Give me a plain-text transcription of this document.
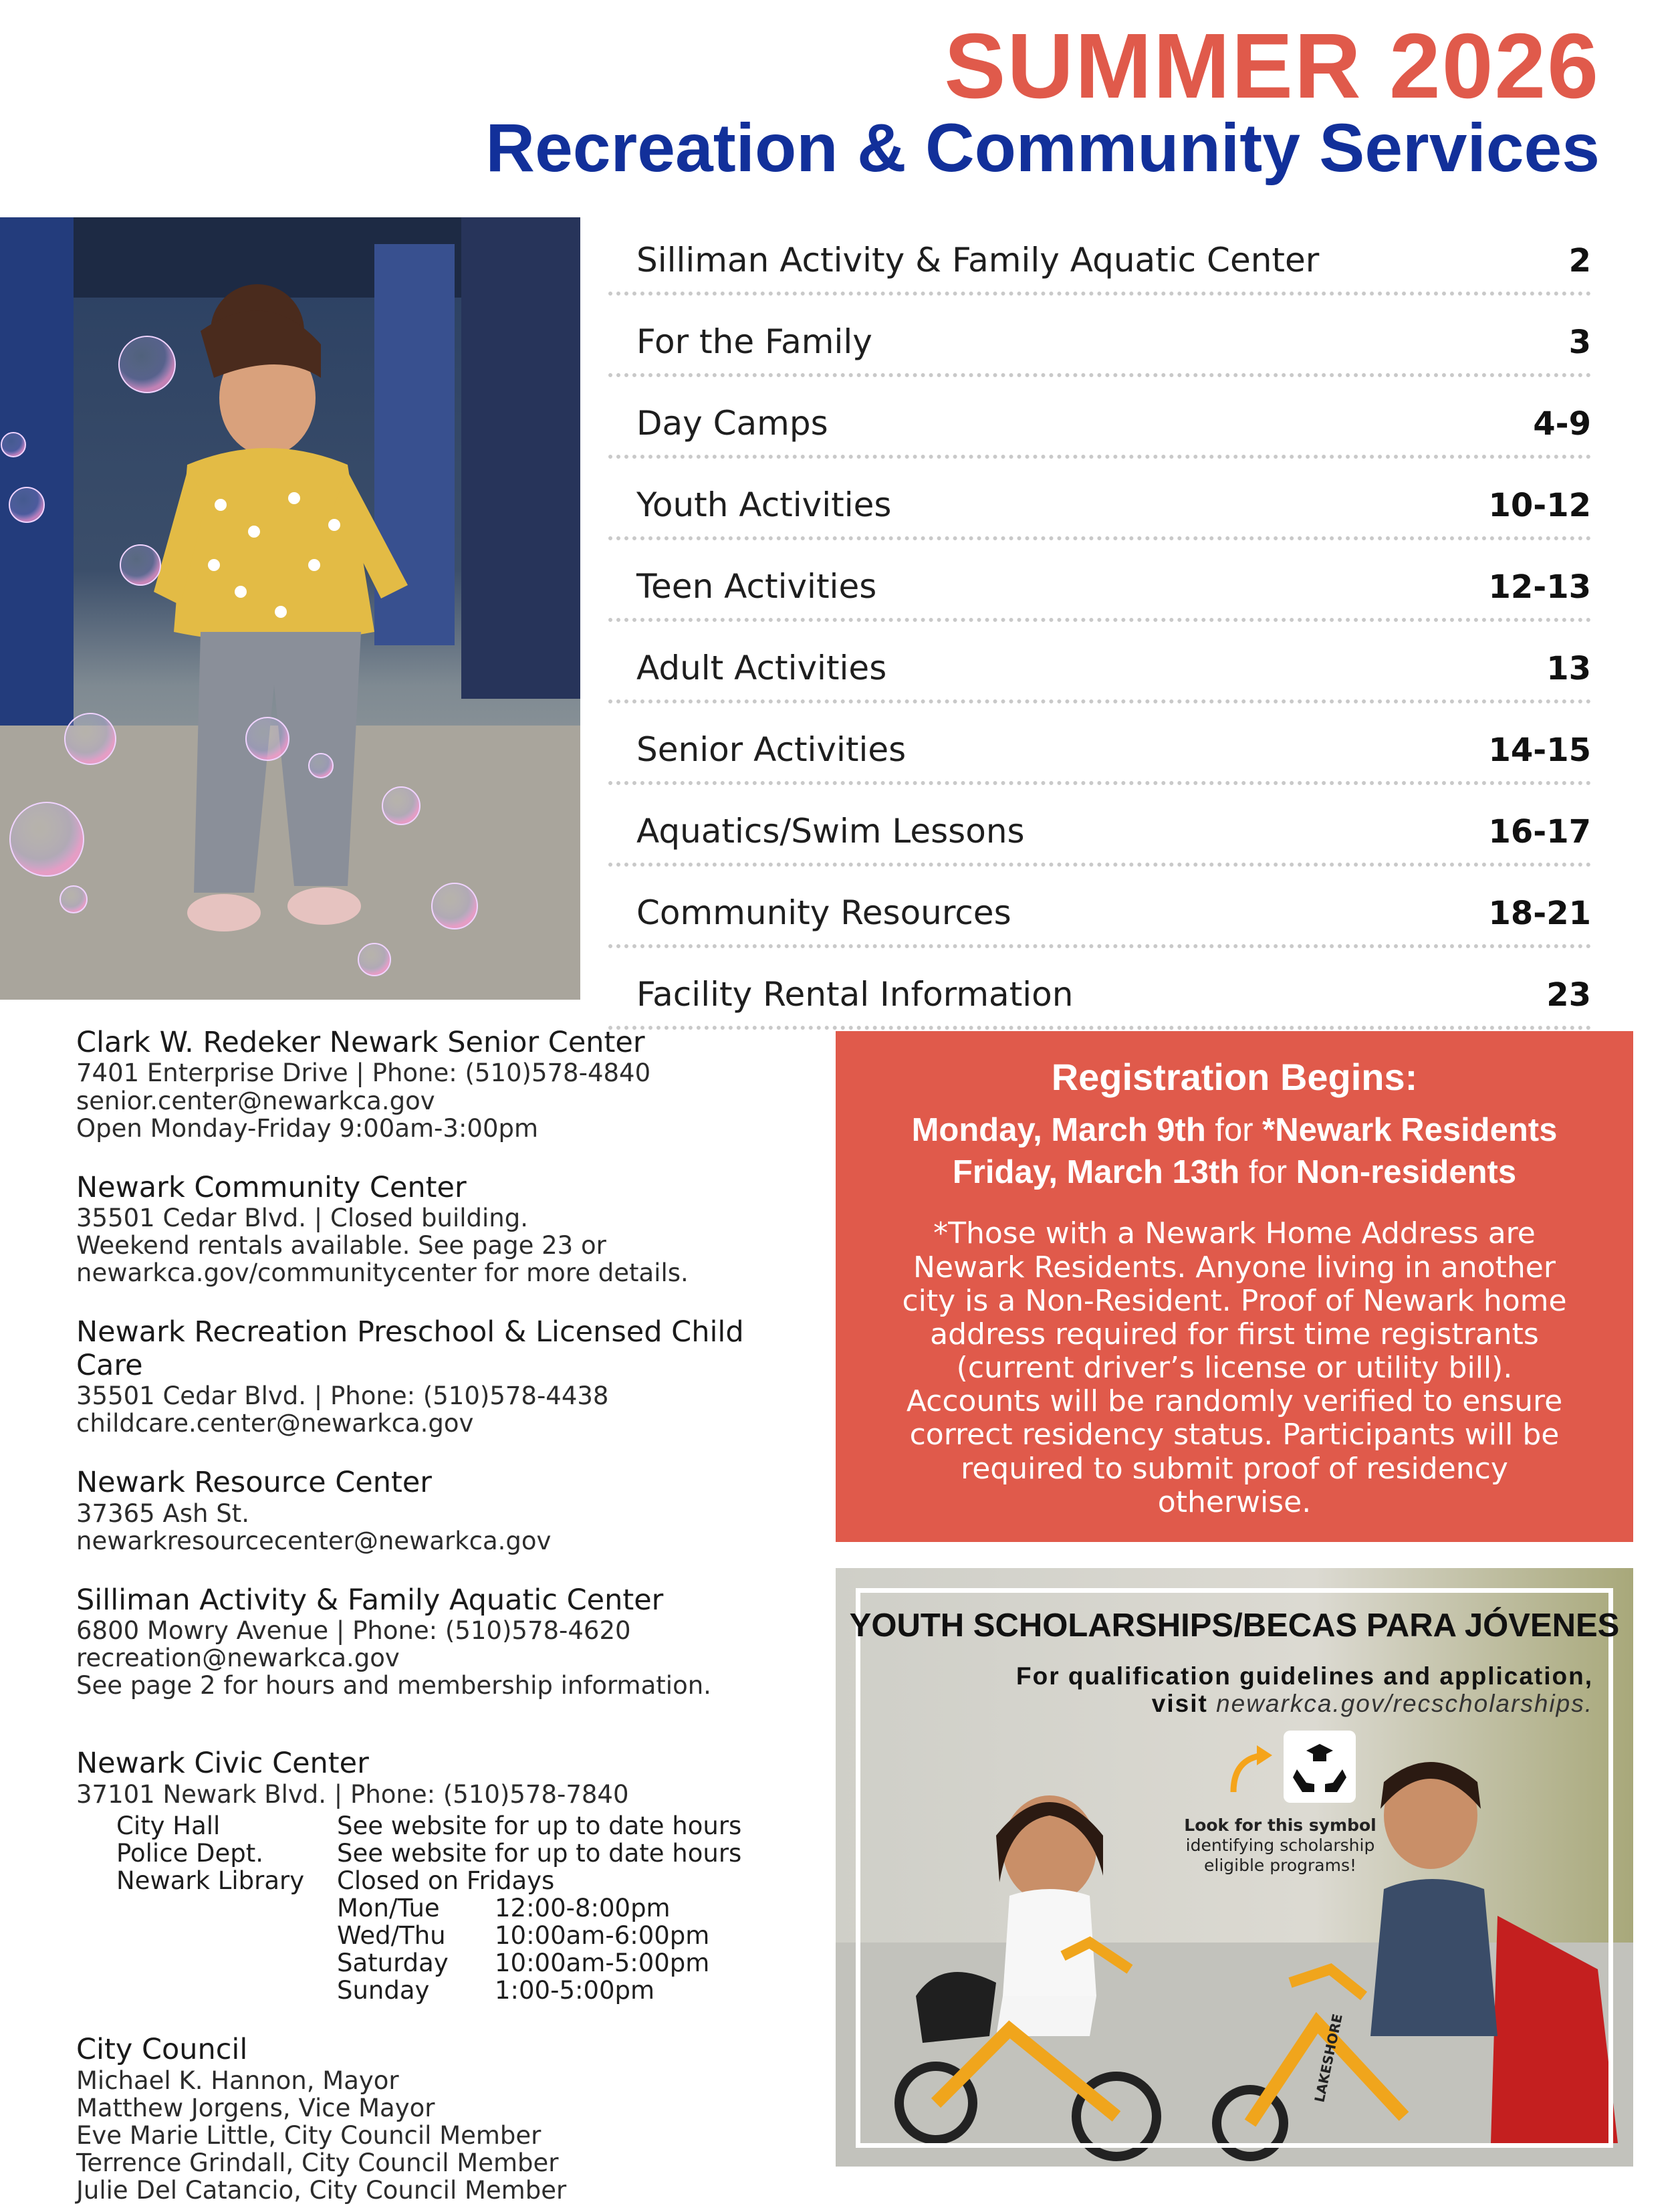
SUMMER 2026
Recreation & Community Services
Silliman Activity & Family Aquatic Center	2
For the Family	3
Day Camps	4-9
Youth Activities	10-12
Teen Activities	12-13
Adult Activities	13
Senior Activities	14-15
Aquatics/Swim Lessons	16-17
Community Resources	18-21
Facility Rental Information	23
Clark W. Redeker Newark Senior Center
7401 Enterprise Drive | Phone: (510)578-4840
senior.center@newarkca.gov
Open Monday-Friday 9:00am-3:00pm
Newark Community Center
35501 Cedar Blvd. | Closed building.
Weekend rentals available. See page 23 or
newarkca.gov/communitycenter for more details.
Newark Recreation Preschool & Licensed Child Care
35501 Cedar Blvd. | Phone: (510)578-4438
childcare.center@newarkca.gov
Newark Resource Center
37365 Ash St.
newarkresourcecenter@newarkca.gov
Silliman Activity & Family Aquatic Center
6800 Mowry Avenue | Phone: (510)578-4620
recreation@newarkca.gov
See page 2 for hours and membership information.
Newark Civic Center
37101 Newark Blvd. | Phone: (510)578-7840
City Hall	See website for up to date hours
Police Dept.	See website for up to date hours
Newark Library	Closed on Fridays
Mon/Tue	12:00-8:00pm
Wed/Thu	10:00am-6:00pm
Saturday	10:00am-5:00pm
Sunday	1:00-5:00pm
City Council
Michael K. Hannon, Mayor
Matthew Jorgens, Vice Mayor
Eve Marie Little, City Council Member
Terrence Grindall, City Council Member
Julie Del Catancio, City Council Member
Registration Begins:
Monday, March 9th for *Newark Residents
Friday, March 13th for Non-residents
*Those with a Newark Home Address are Newark Residents. Anyone living in another city is a Non-Resident. Proof of Newark home address required for first time registrants (current driver’s license or utility bill). Accounts will be randomly verified to ensure correct residency status. Participants will be required to submit proof of residency otherwise.
LAKESHORE
YOUTH SCHOLARSHIPS/BECAS PARA JÓVENES
For qualification guidelines and application,
visit newarkca.gov/recscholarships.
Look for this symbol
identifying scholarship eligible programs!
